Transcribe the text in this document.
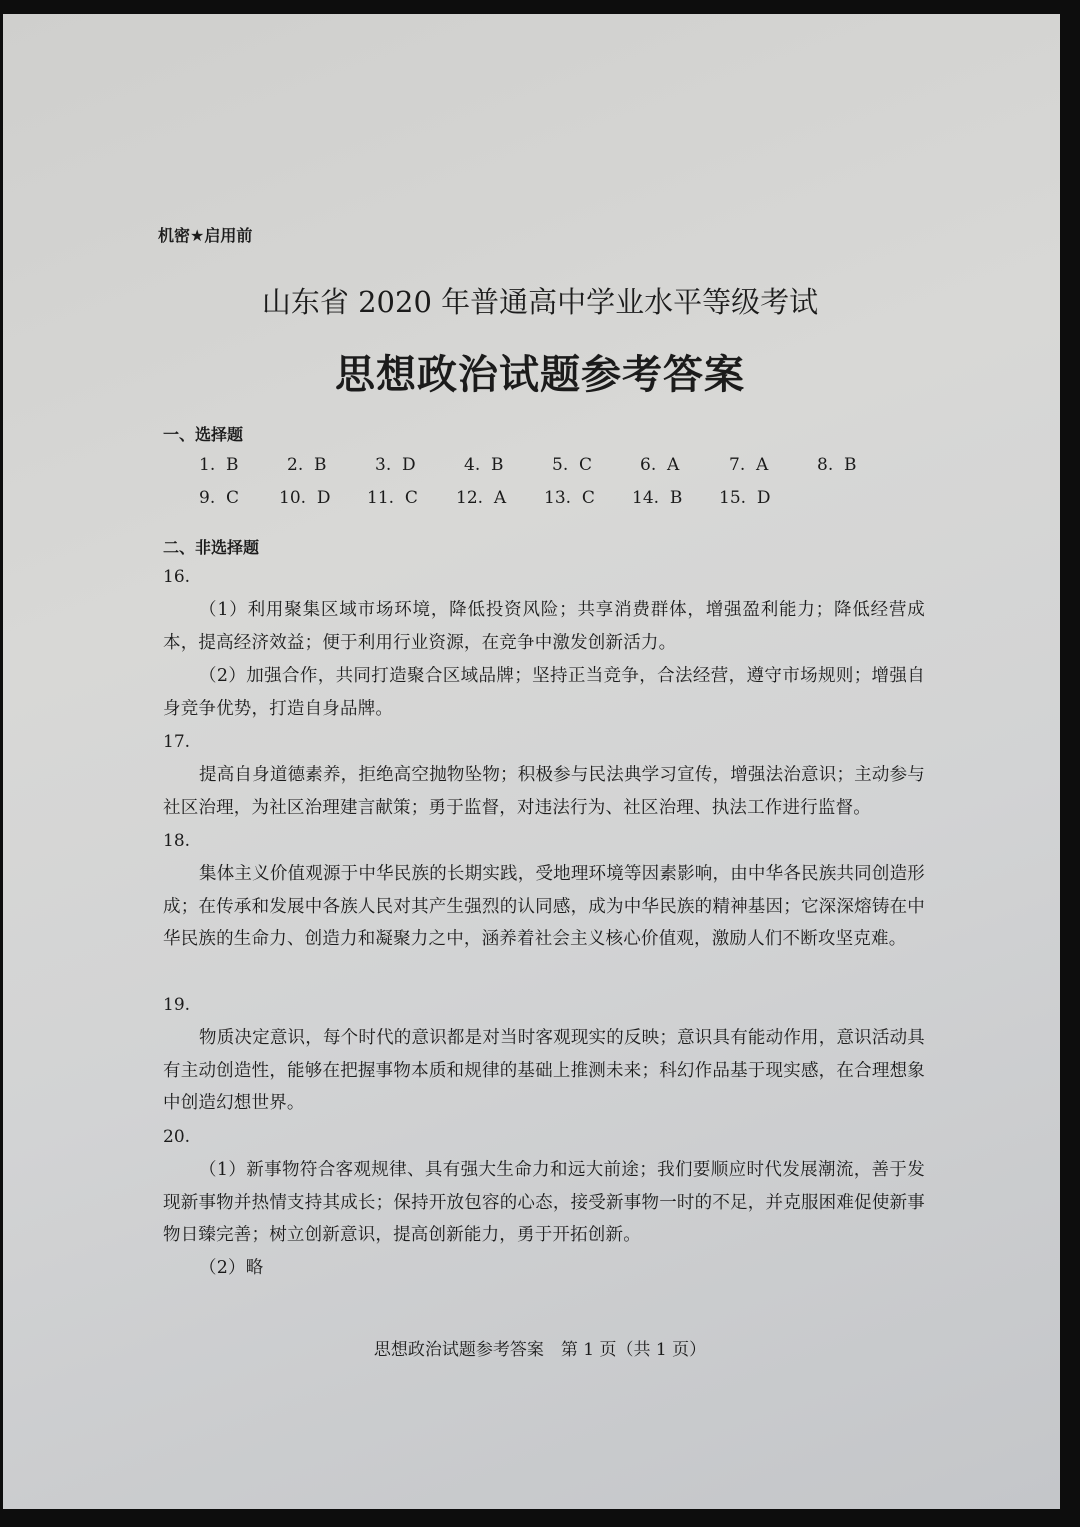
机密★启用前
山东省 2020 年普通高中学业水平等级考试
思想政治试题参考答案
一、选择题
1. B	2. B	3. D	4. B	5. C	6. A	7. A	8. B
9. C 10. D 11. C 12. A 13. C 14. B 15. D
二、非选择题
16.
（1）利用聚集区域市场环境，降低投资风险；共享消费群体，增强盈利能力；降低经营成本，提高经济效益；便于利用行业资源，在竞争中激发创新活力。
（2）加强合作，共同打造聚合区域品牌；坚持正当竞争，合法经营，遵守市场规则；增强自身竞争优势，打造自身品牌。
17.
提高自身道德素养，拒绝高空抛物坠物；积极参与民法典学习宣传，增强法治意识；主动参与社区治理，为社区治理建言献策；勇于监督，对违法行为、社区治理、执法工作进行监督。
18.
集体主义价值观源于中华民族的长期实践，受地理环境等因素影响，由中华各民族共同创造形成；在传承和发展中各族人民对其产生强烈的认同感，成为中华民族的精神基因；它深深熔铸在中华民族的生命力、创造力和凝聚力之中，涵养着社会主义核心价值观，激励人们不断攻坚克难。
19.
物质决定意识，每个时代的意识都是对当时客观现实的反映；意识具有能动作用，意识活动具有主动创造性，能够在把握事物本质和规律的基础上推测未来；科幻作品基于现实感，在合理想象中创造幻想世界。
20.
（1）新事物符合客观规律、具有强大生命力和远大前途；我们要顺应时代发展潮流，善于发现新事物并热情支持其成长；保持开放包容的心态，接受新事物一时的不足，并克服困难促使新事物日臻完善；树立创新意识，提高创新能力，勇于开拓创新。
（2）略
思想政治试题参考答案　第 1 页（共 1 页）
